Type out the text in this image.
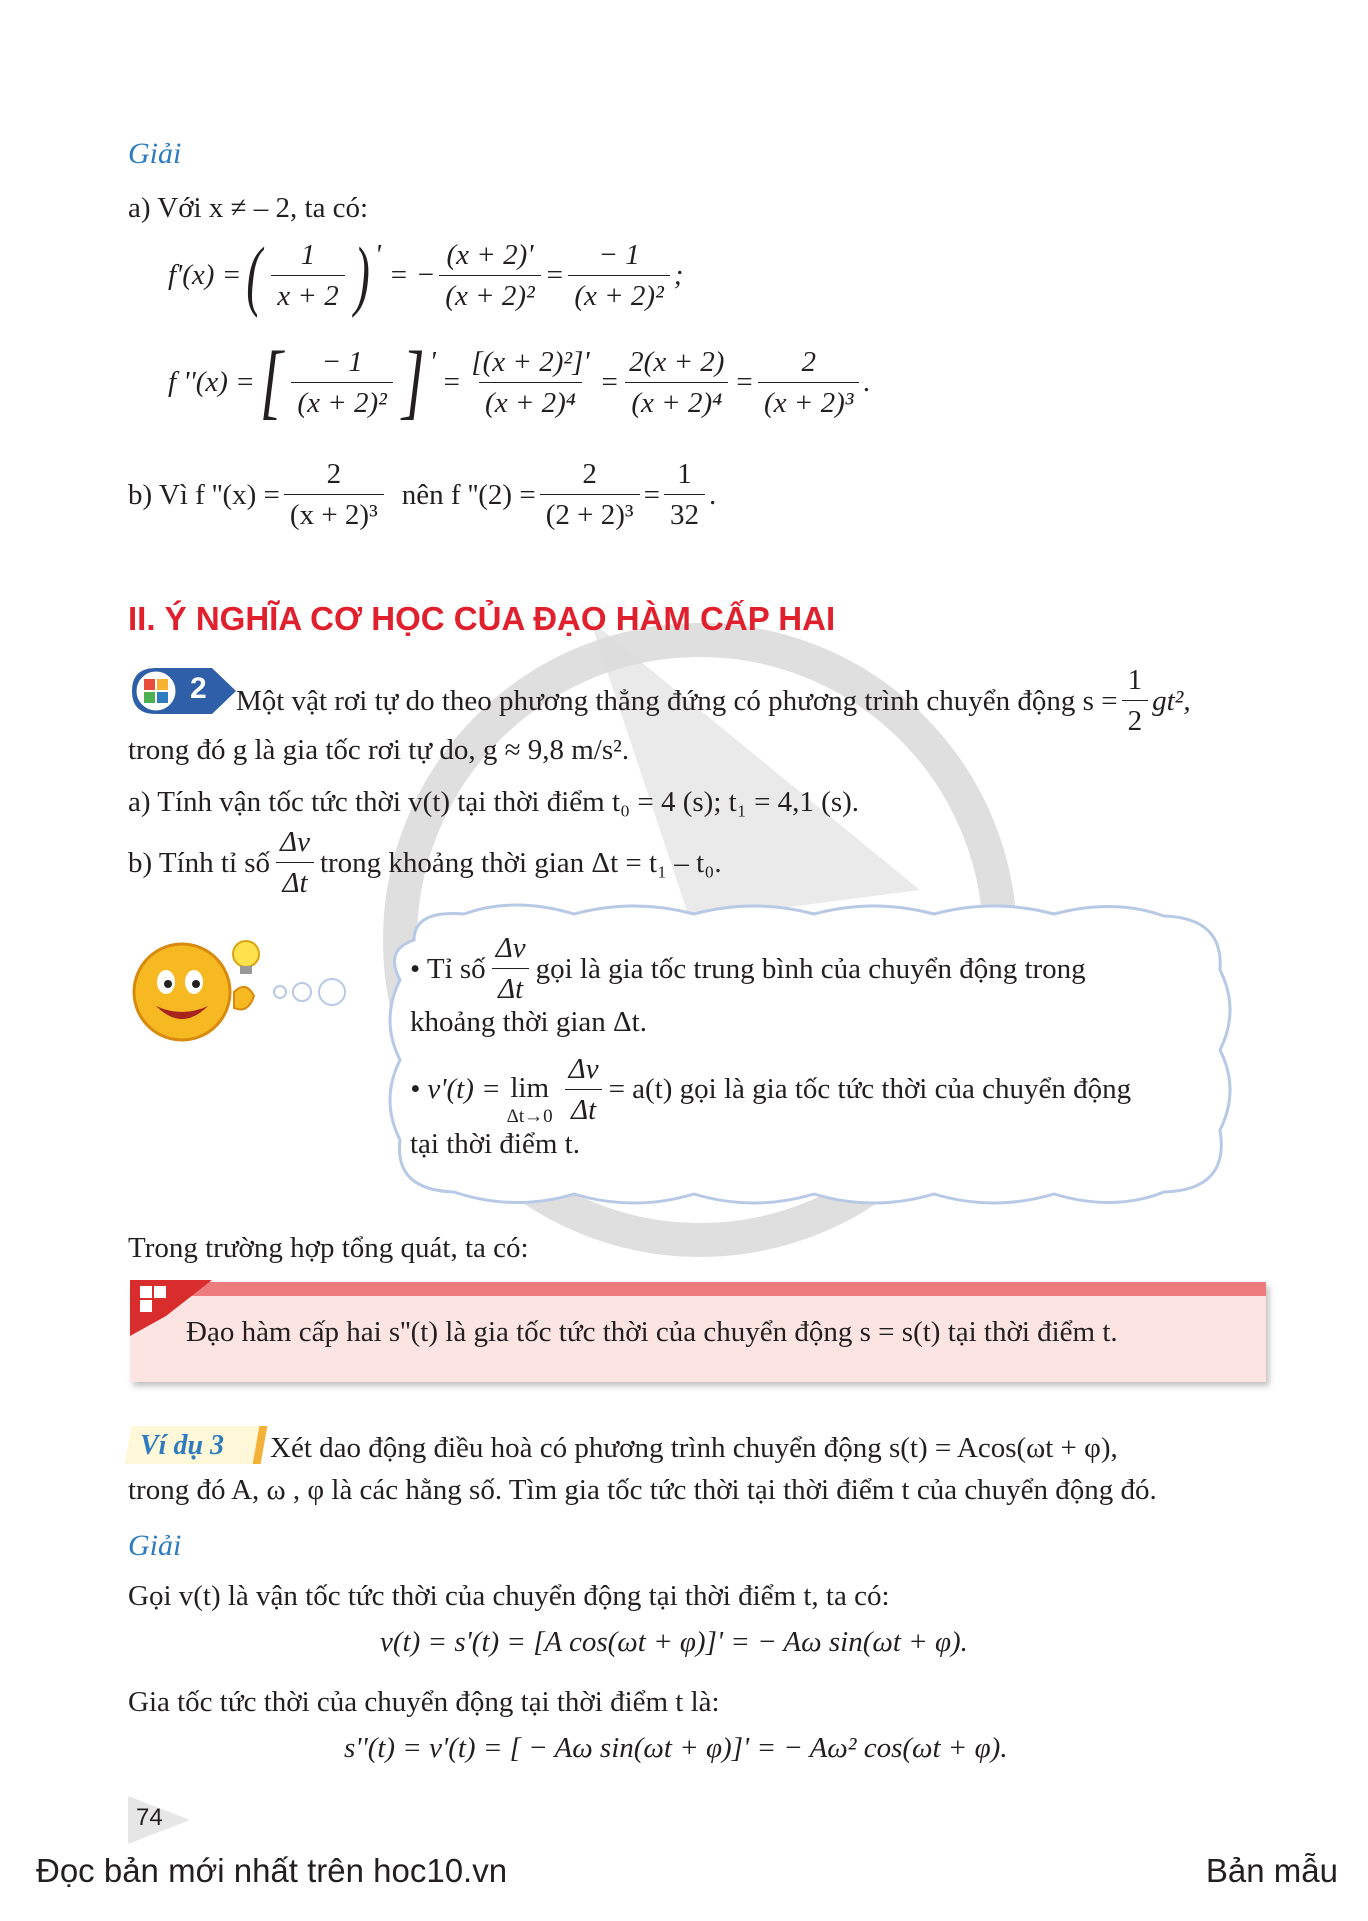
Giải
a) Với x ≠ – 2, ta có:
f'(x) = ( $\frac{1}{x + 2}$ ) '
= − $\frac{(x + 2)'}{\text{(x + 2)²}} = \frac{- 1}{\text{(x + 2)²}}$ ;
f ''(x) = [ $\frac{- 1}{\text{(x + 2)²}}$ ] '
= $\frac{\text{[(x + 2)²]'}}{\text{(x + 2)⁴}} = \frac{2(x + 2)}{\text{(x + 2)⁴}} = \frac{2}{\text{(x + 2)³}}$ .
b) Vì f ''$(x) = \frac{2}{\text{(x + 2)³}}$ nên f ''$(2) = \frac{2}{\text{(2 + 2)³}} = \frac{1}{32}$ .
II. Ý NGHĨA CƠ HỌC CỦA ĐẠO HÀM CẤP HAI
2 Một vật rơi tự do theo phương thẳng đứng có phương trình chuyển động $s = \frac{1}{2} gt^2$,
trong đó g là gia tốc rơi tự do, g ≈ 9,8 m/s².
a) Tính vận tốc tức thời v(t) tại thời điểm t₀ = 4 (s); t₁ = 4,1 (s).
b) Tính tỉ số $\frac{\Delta v}{\Delta t}$ trong khoảng thời gian Δt = t₁ – t₀.
• Tỉ số $\frac{\Delta v}{\Delta t}$ gọi là gia tốc trung bình của chuyển động trong
khoảng thời gian Δt.
• v'(t) = lim
$\Delta t\to 0 \frac{\Delta v}{\Delta t} = a(t)$ gọi là gia tốc tức thời của chuyển động
tại thời điểm t.
Trong trường hợp tổng quát, ta có:
Đạo hàm cấp hai s''(t) là gia tốc tức thời của chuyển động s = s(t) tại thời điểm t.
Ví dụ 3 Xét dao động điều hoà có phương trình chuyển động s(t) = Acos(ωt + φ),
trong đó A, ω , φ là các hằng số. Tìm gia tốc tức thời tại thời điểm t của chuyển động đó.
Giải
Gọi v(t) là vận tốc tức thời của chuyển động tại thời điểm t, ta có:
v(t) = s'(t) = [A cos(ωt + φ)]' = − Aω sin(ωt + φ).
Gia tốc tức thời của chuyển động tại thời điểm t là:
s''(t) = v'(t) = [ − Aω sin(ωt + φ)]' = − Aω² cos(ωt + φ).
74
Đọc bản mới nhất trên hoc10.vn	Bản mẫu
